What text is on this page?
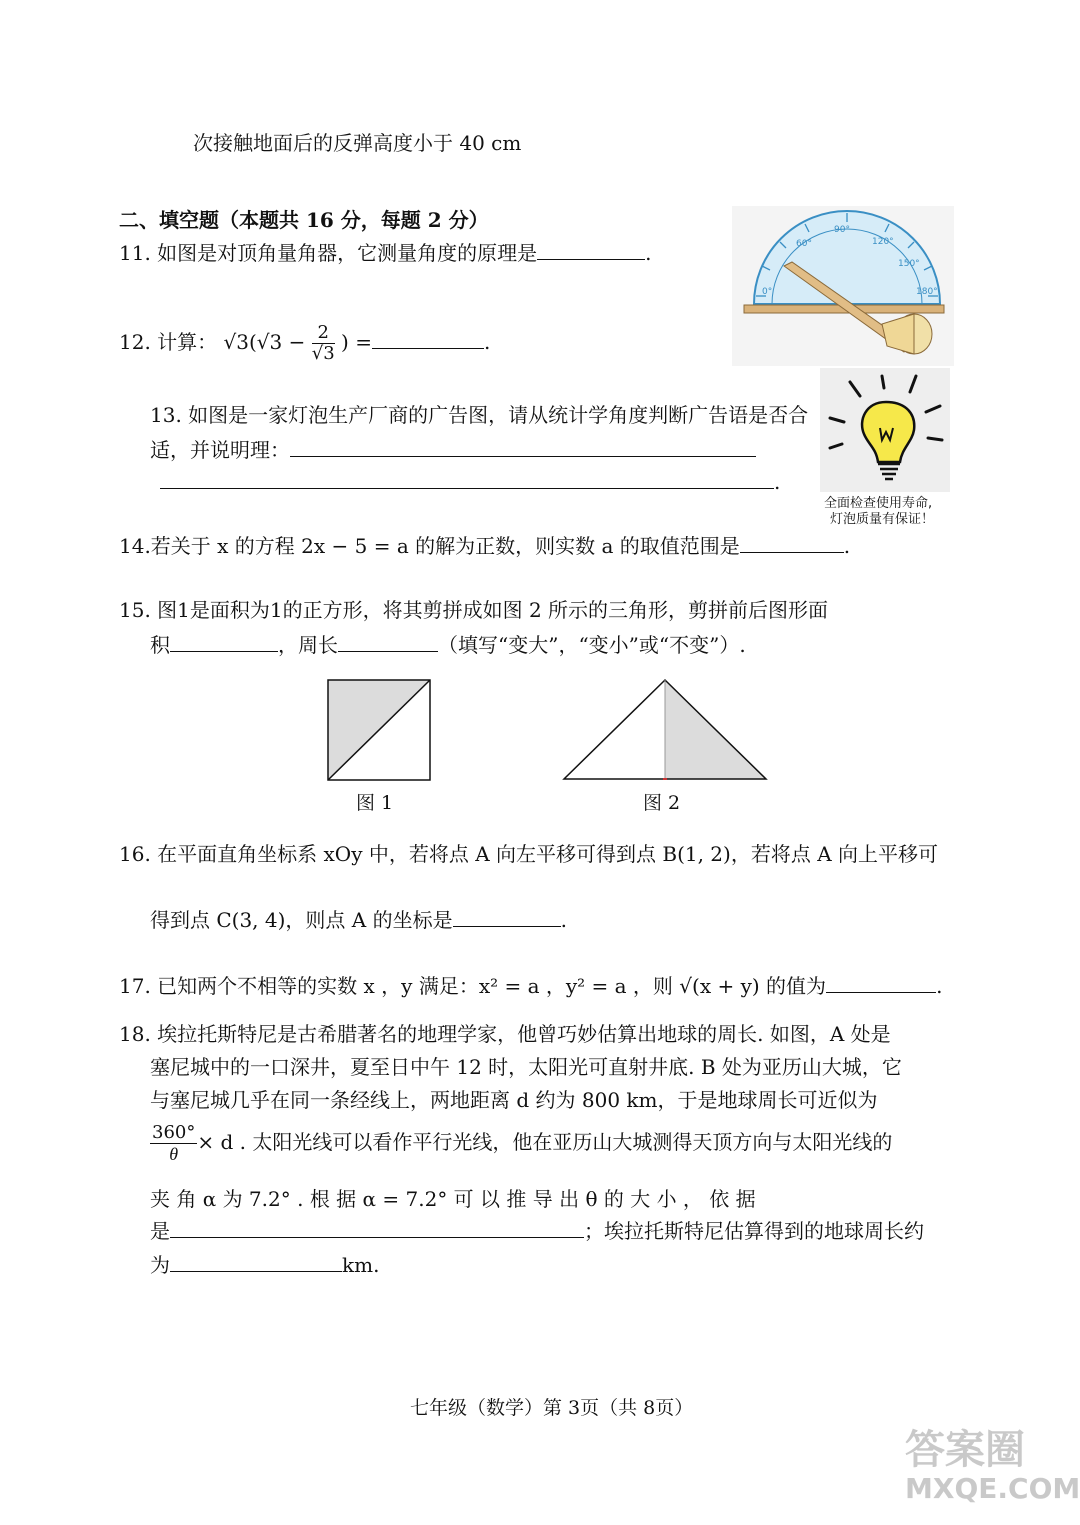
次接触地面后的反弹高度小于 40 cm
二、填空题（本题共 16 分，每题 2 分）
11. 如图是对顶角量角器，它测量角度的原理是	.
0°
60°
90°
120°
150°
180°
12. 计算： $√3(√3 - \frac{2}{√3}$ ) =	.
全面检查使用寿命,
灯泡质量有保证！
13. 如图是一家灯泡生产厂商的广告图，请从统计学角度判断广告语是否合
适，并说明理：
.
14.若关于 x 的方程 2x − 5 = a 的解为正数，则实数 a 的取值范围是	.
15. 图1是面积为1的正方形，将其剪拼成如图 2 所示的三角形，剪拼前后图形面
积	，周长	（填写“变大”，“变小”或“不变”）.
图 1	图 2
16. 在平面直角坐标系 xOy 中，若将点 A 向左平移可得到点 B(1, 2)，若将点 A 向上平移可
得到点 C(3, 4)，则点 A 的坐标是	.
17. 已知两个不相等的实数 x ，y 满足：x² = a ，y² = a ，则 √(x + y) 的值为	.
18. 埃拉托斯特尼是古希腊著名的地理学家，他曾巧妙估算出地球的周长. 如图，A 处是
塞尼城中的一口深井，夏至日中午 12 时，太阳光可直射井底. B 处为亚历山大城，它
与塞尼城几乎在同一条经线上，两地距离 d 约为 800 km，于是地球周长可近似为
$\frac{360^\circ}{\theta} \times d$ . 太阳光线可以看作平行光线，他在亚历山大城测得天顶方向与太阳光线的
夹 角 α 为 7.2° . 根 据 α = 7.2° 可 以 推 导 出 θ 的 大 小 ， 依 据
是	；埃拉托斯特尼估算得到的地球周长约
为	km.
七年级（数学）第 3页（共 8页）
答案圈
MXQE.COM
